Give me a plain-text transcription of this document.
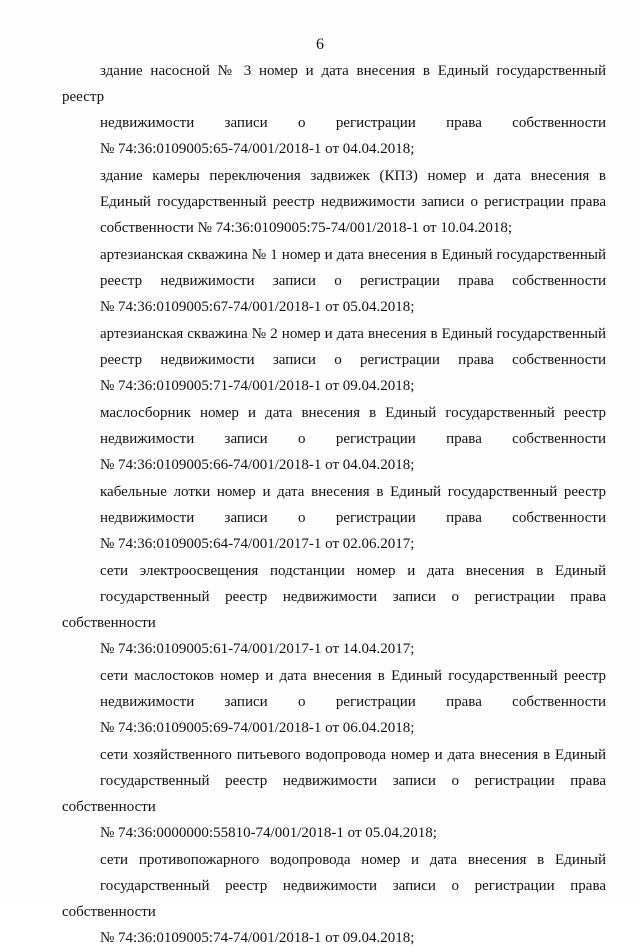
6

здание насосной № 3 номер и дата внесения в Единый государственный реестр
недвижимости записи о регистрации права собственности
№ 74:36:0109005:65-74/001/2018-1 от 04.04.2018;

здание камеры переключения задвижек (КПЗ) номер и дата внесения в
Единый государственный реестр недвижимости записи о регистрации права
собственности № 74:36:0109005:75-74/001/2018-1 от 10.04.2018;

артезианская скважина № 1 номер и дата внесения в Единый государственный
реестр недвижимости записи о регистрации права собственности
№ 74:36:0109005:67-74/001/2018-1 от 05.04.2018;

артезианская скважина № 2 номер и дата внесения в Единый государственный
реестр недвижимости записи о регистрации права собственности
№ 74:36:0109005:71-74/001/2018-1 от 09.04.2018;

маслосборник номер и дата внесения в Единый государственный реестр
недвижимости записи о регистрации права собственности
№ 74:36:0109005:66-74/001/2018-1 от 04.04.2018;

кабельные лотки номер и дата внесения в Единый государственный реестр
недвижимости записи о регистрации права собственности
№ 74:36:0109005:64-74/001/2017-1 от 02.06.2017;

сети электроосвещения подстанции номер и дата внесения в Единый
государственный реестр недвижимости записи о регистрации права собственности
№ 74:36:0109005:61-74/001/2017-1 от 14.04.2017;

сети маслостоков номер и дата внесения в Единый государственный реестр
недвижимости записи о регистрации права собственности
№ 74:36:0109005:69-74/001/2018-1 от 06.04.2018;

сети хозяйственного питьевого водопровода номер и дата внесения в Единый
государственный реестр недвижимости записи о регистрации права собственности
№ 74:36:0000000:55810-74/001/2018-1 от 05.04.2018;

сети противопожарного водопровода номер и дата внесения в Единый
государственный реестр недвижимости записи о регистрации права собственности
№ 74:36:0109005:74-74/001/2018-1 от 09.04.2018;
